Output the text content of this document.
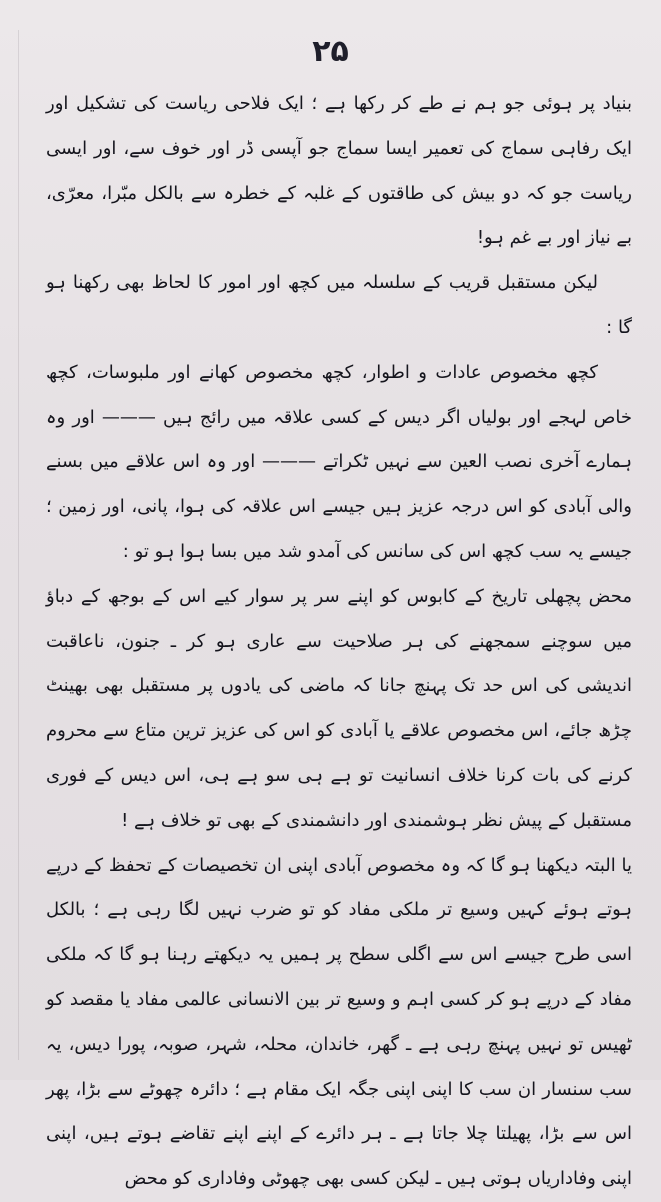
۲۵

بنیاد پر ہوئی جو ہم نے طے کر رکھا ہے ؛ ایک فلاحی ریاست کی تشکیل اور ایک رفاہی سماج کی تعمیر ایسا سماج جو آپسی ڈر اور خوف سے، اور ایسی ریاست جو کہ دو بیش کی طاقتوں کے غلبہ کے خطرہ سے بالکل مبّرا، معرّی، بے نیاز اور بے غم ہو!

لیکن مستقبل قریب کے سلسلہ میں کچھ اور امور کا لحاظ بھی رکھنا ہو گا :

کچھ مخصوص عادات و اطوار، کچھ مخصوص کھانے اور ملبوسات، کچھ خاص لہجے اور بولیاں اگر دیس کے کسی علاقہ میں رائج ہیں ——— اور وہ ہمارے آخری نصب العین سے نہیں ٹکراتے ——— اور وہ اس علاقے میں بسنے والی آبادی کو اس درجہ عزیز ہیں جیسے اس علاقہ کی ہوا، پانی، اور زمین ؛ جیسے یہ سب کچھ اس کی سانس کی آمدو شد میں بسا ہوا ہو تو :

محض پچھلی تاریخ کے کابوس کو اپنے سر پر سوار کیے اس کے بوجھ کے دباؤ میں سوچنے سمجھنے کی ہر صلاحیت سے عاری ہو کر ـ جنون، ناعاقبت اندیشی کی اس حد تک پہنچ جانا کہ ماضی کی یادوں پر مستقبل بھی بھینٹ چڑھ جائے، اس مخصوص علاقے یا آبادی کو اس کی عزیز ترین متاع سے محروم کرنے کی بات کرنا خلاف انسانیت تو ہے ہی سو ہے ہی، اس دیس کے فوری مستقبل کے پیش نظر ہوشمندی اور دانشمندی کے بھی تو خلاف ہے !

یا البتہ دیکھنا ہو گا کہ وہ مخصوص آبادی اپنی ان تخصیصات کے تحفظ کے درپے ہوتے ہوئے کہیں وسیع تر ملکی مفاد کو تو ضرب نہیں لگا رہی ہے ؛ بالکل اسی طرح جیسے اس سے اگلی سطح پر ہمیں یہ دیکھتے رہنا ہو گا کہ ملکی مفاد کے درپے ہو کر کسی اہم و وسیع تر بین الانسانی عالمی مفاد یا مقصد کو ٹھیس تو نہیں پہنچ رہی ہے ـ گھر، خاندان، محلہ، شہر، صوبہ، پورا دیس، یہ سب سنسار ان سب کا اپنی اپنی جگہ ایک مقام ہے ؛ دائرہ چھوٹے سے بڑا، پھر اس سے بڑا، پھیلتا چلا جاتا ہے ـ ہر دائرے کے اپنے اپنے تقاضے ہوتے ہیں، اپنی اپنی وفاداریاں ہوتی ہیں ـ لیکن کسی بھی چھوٹی وفاداری کو محض
